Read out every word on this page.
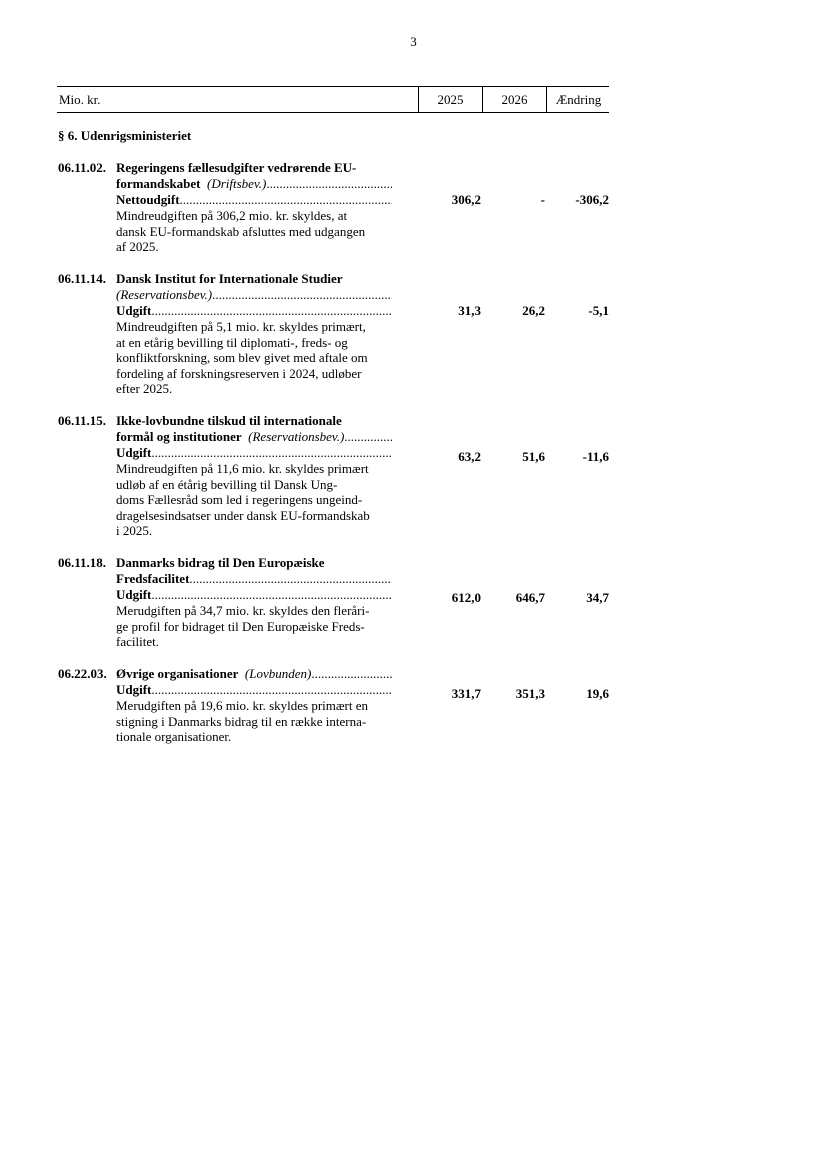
3
Mio. kr.	2025	2026	Ændring
§ 6. Udenrigsministeriet
06.11.02. Regeringens fællesudgifter vedrørende EU-
formandskabet (Driftsbev.) .....
Nettoudgift .....
Mindreudgiften på 306,2 mio. kr. skyldes, at
dansk EU-formandskab afsluttes med udgangen
af 2025.
306,2	-	-306,2
06.11.14. Dansk Institut for Internationale Studier
(Reservationsbev.) .....
Udgift .....
Mindreudgiften på 5,1 mio. kr. skyldes primært,
at en etårig bevilling til diplomati-, freds- og
konfliktforskning, som blev givet med aftale om
fordeling af forskningsreserven i 2024, udløber
efter 2025.
31,3	26,2	-5,1
06.11.15. Ikke-lovbundne tilskud til internationale
formål og institutioner (Reservationsbev.) .....
Udgift .....
Mindreudgiften på 11,6 mio. kr. skyldes primært
udløb af en étårig bevilling til Dansk Ung-
doms Fællesråd som led i regeringens ungeind-
dragelsesindsatser under dansk EU-formandskab
i 2025.
63,2	51,6	-11,6
06.11.18. Danmarks bidrag til Den Europæiske
Fredsfacilitet .....
Udgift .....
Merudgiften på 34,7 mio. kr. skyldes den fleråri-
ge profil for bidraget til Den Europæiske Freds-
facilitet.
612,0	646,7	34,7
06.22.03. Øvrige organisationer (Lovbunden) .....
Udgift .....
Merudgiften på 19,6 mio. kr. skyldes primært en
stigning i Danmarks bidrag til en række interna-
tionale organisationer.
331,7	351,3	19,6
